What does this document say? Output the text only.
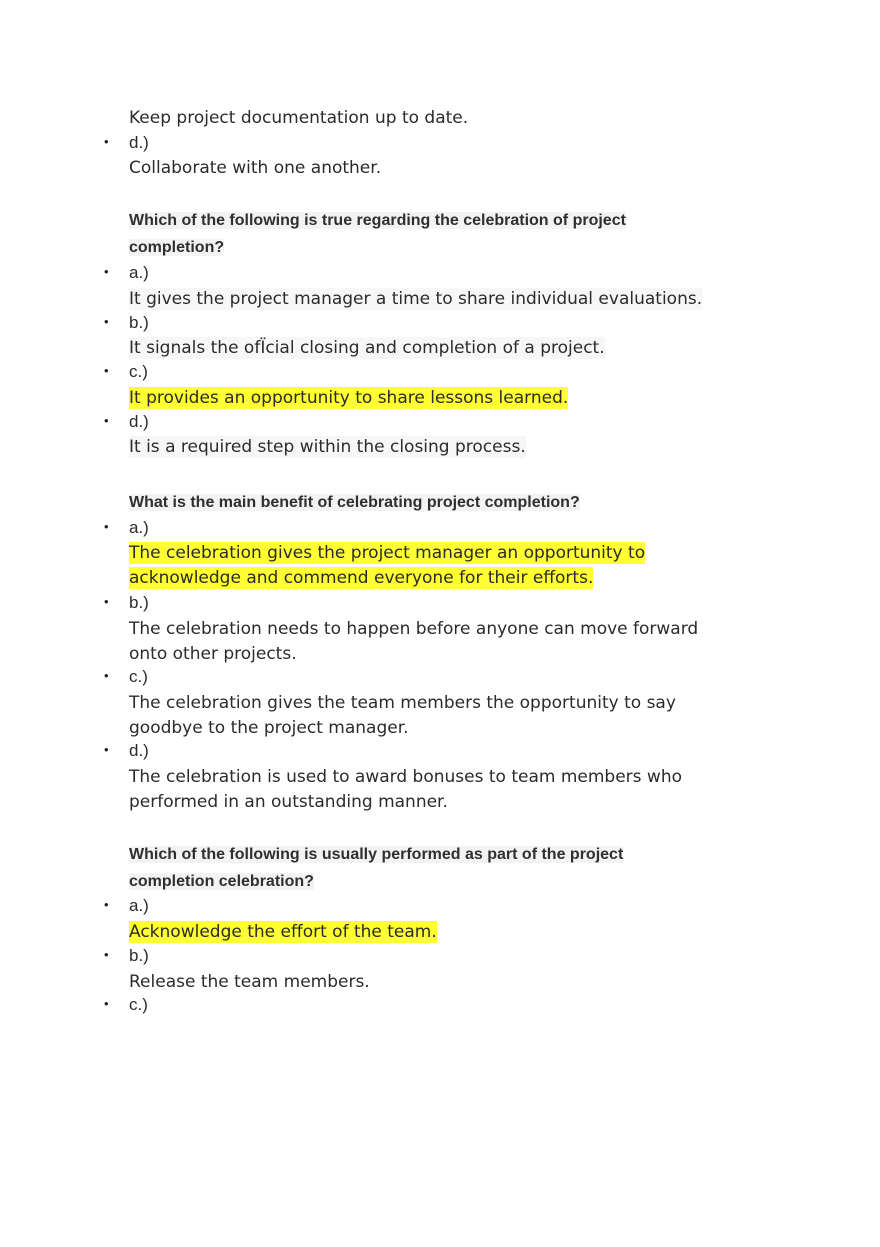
Keep project documentation up to date.
• d.)
Collaborate with one another.
Which of the following is true regarding the celebration of project
completion?
• a.)
It gives the project manager a time to share individual evaluations.
• b.)
It signals the ofÏcial closing and completion of a project.
• c.)
It provides an opportunity to share lessons learned.
• d.)
It is a required step within the closing process.
What is the main benefit of celebrating project completion?
• a.)
The celebration gives the project manager an opportunity to
acknowledge and commend everyone for their efforts.
• b.)
The celebration needs to happen before anyone can move forward
onto other projects.
• c.)
The celebration gives the team members the opportunity to say
goodbye to the project manager.
• d.)
The celebration is used to award bonuses to team members who
performed in an outstanding manner.
Which of the following is usually performed as part of the project
completion celebration?
• a.)
Acknowledge the effort of the team.
• b.)
Release the team members.
• c.)
